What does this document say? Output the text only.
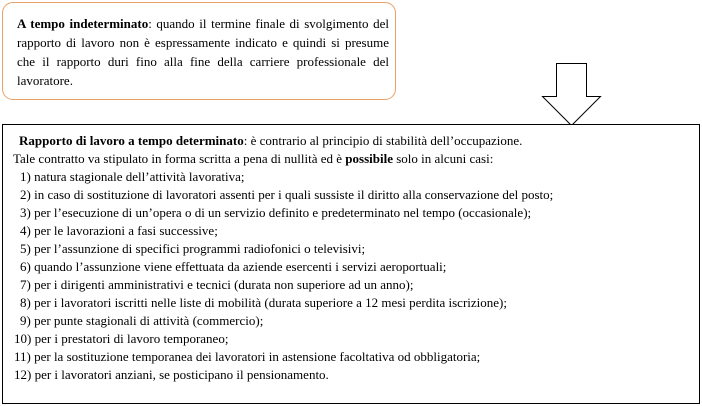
A tempo indeterminato: quando il termine finale di svolgimento del rapporto di lavoro non è espressamente indicato e quindi si presume che il rapporto duri fino alla fine della carriere professionale del lavoratore.
Rapporto di lavoro a tempo determinato: è contrario al principio di stabilità dell’occupazione.
Tale contratto va stipulato in forma scritta a pena di nullità ed è possibile solo in alcuni casi:
1) natura stagionale dell’attività lavorativa;
2) in caso di sostituzione di lavoratori assenti per i quali sussiste il diritto alla conservazione del posto;
3) per l’esecuzione di un’opera o di un servizio definito e predeterminato nel tempo (occasionale);
4) per le lavorazioni a fasi successive;
5) per l’assunzione di specifici programmi radiofonici o televisivi;
6) quando l’assunzione viene effettuata da aziende esercenti i servizi aeroportuali;
7) per i dirigenti amministrativi e tecnici (durata non superiore ad un anno);
8) per i lavoratori iscritti nelle liste di mobilità (durata superiore a 12 mesi perdita iscrizione);
9) per punte stagionali di attività (commercio);
10) per i prestatori di lavoro temporaneo;
11) per la sostituzione temporanea dei lavoratori in astensione facoltativa od obbligatoria;
12) per i lavoratori anziani, se posticipano il pensionamento.
